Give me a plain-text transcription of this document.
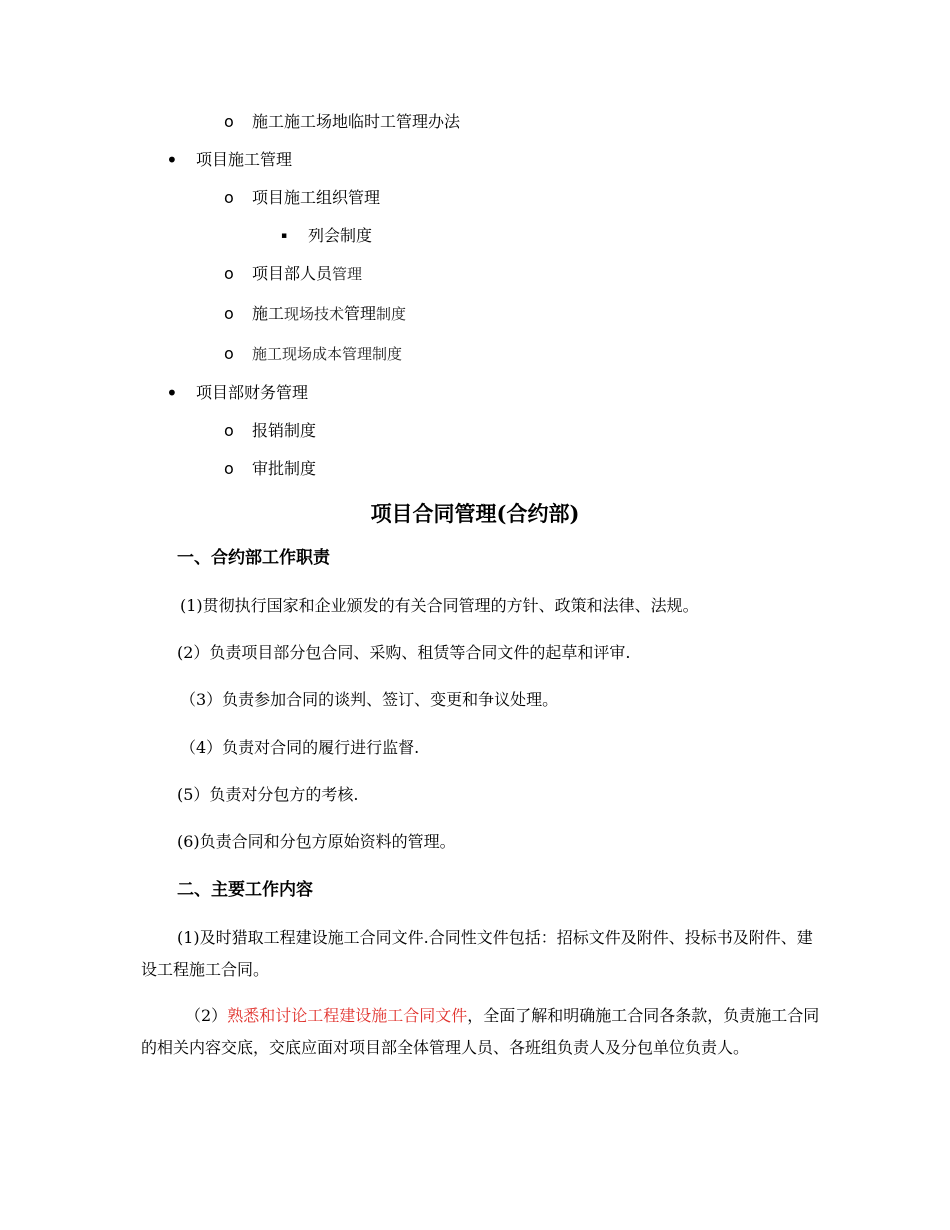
o 施工施工场地临时工管理办法
• 项目施工管理
o 项目施工组织管理
▪ 列会制度
o 项目部人员管理
o 施工现场技术管理制度
o 施工现场成本管理制度
• 项目部财务管理
o 报销制度
o 审批制度
项目合同管理(合约部)
一、合约部工作职责
(1)贯彻执行国家和企业颁发的有关合同管理的方针、政策和法律、法规。
(2）负责项目部分包合同、采购、租赁等合同文件的起草和评审.
（3）负责参加合同的谈判、签订、变更和争议处理。
（4）负责对合同的履行进行监督.
(5）负责对分包方的考核.
(6)负责合同和分包方原始资料的管理。
二、主要工作内容
(1)及时猎取工程建设施工合同文件.合同性文件包括：招标文件及附件、投标书及附件、建设工程施工合同。
（2）熟悉和讨论工程建设施工合同文件，全面了解和明确施工合同各条款，负责施工合同的相关内容交底，交底应面对项目部全体管理人员、各班组负责人及分包单位负责人。
